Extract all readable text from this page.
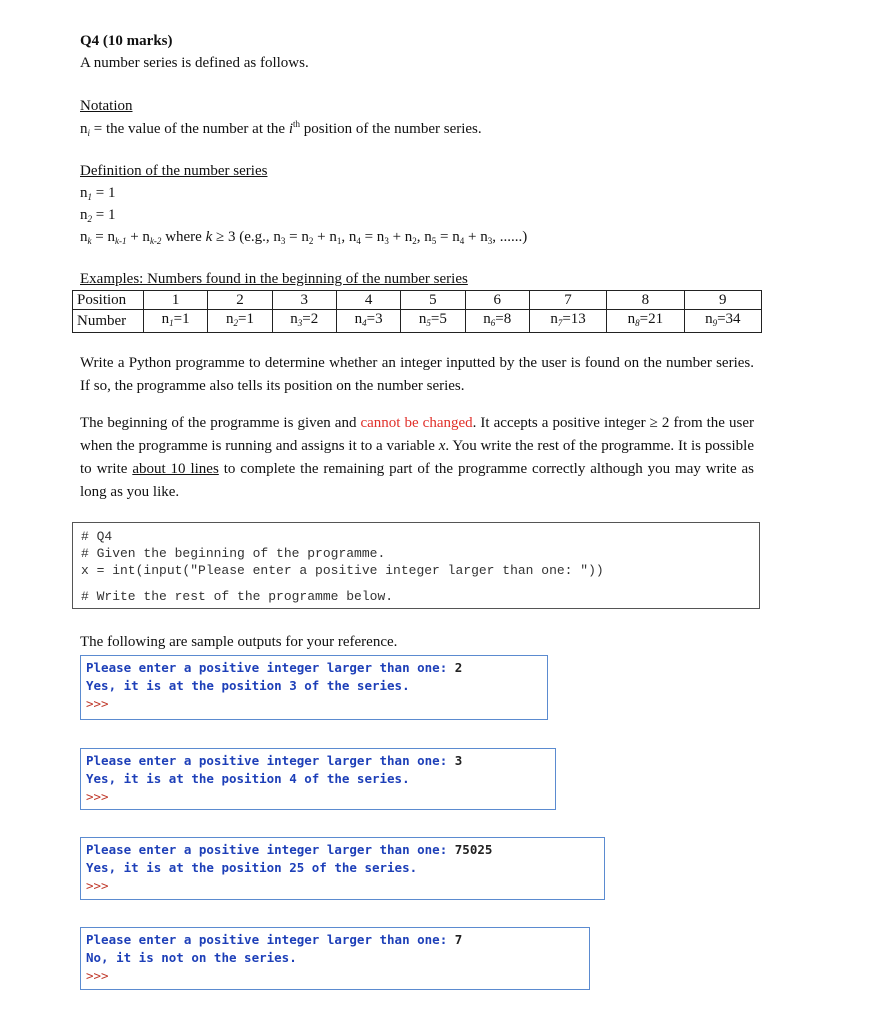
Q4 (10 marks)
A number series is defined as follows.
Notation
$n_i$ = the value of the number at the $i^{th}$ position of the number series.
Definition of the number series
$n_1 = 1$
$n_2 = 1$
$n_k = n_{k-1} + n_{k-2}$ where k ≥ 3 (e.g., $n_3 = n_2 + n_1$, $n_4 = n_3 + n_2$, $n_5 = n_4 + n_3$, ......)
Examples: Numbers found in the beginning of the number series
Position	1	2	3	4	5	6	7	8	9
Number	$n_1=1$	$n_2=1$	$n_3=2$	$n_4=3$	$n_5=5$	$n_6=8$	$n_7=13$	$n_8=21$	$n_9=34$
Write a Python programme to determine whether an integer inputted by the user is found on the number series. If so, the programme also tells its position on the number series.
The beginning of the programme is given and cannot be changed. It accepts a positive integer ≥ 2 from the user when the programme is running and assigns it to a variable x. You write the rest of the programme. It is possible to write about 10 lines to complete the remaining part of the programme correctly although you may write as long as you like.
# Q4
# Given the beginning of the programme.
x = int(input("Please enter a positive integer larger than one: "))
# Write the rest of the programme below.
The following are sample outputs for your reference.
Please enter a positive integer larger than one: 2
Yes, it is at the position 3 of the series.
>>>
Please enter a positive integer larger than one: 3
Yes, it is at the position 4 of the series.
>>>
Please enter a positive integer larger than one: 75025
Yes, it is at the position 25 of the series.
>>>
Please enter a positive integer larger than one: 7
No, it is not on the series.
>>>
